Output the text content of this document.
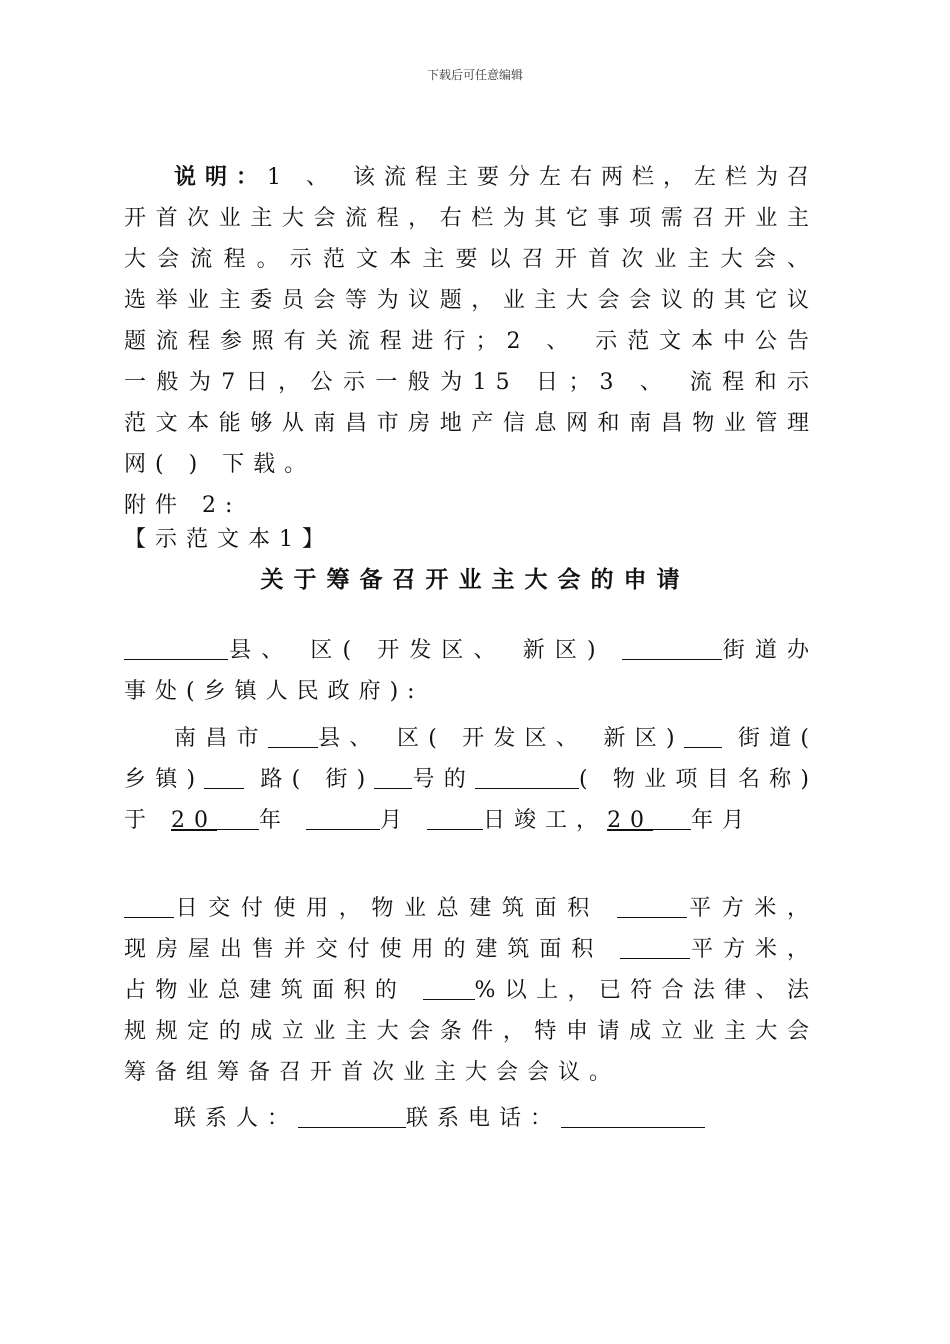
下载后可任意编辑

说明：1 、 该流程主要分左右两栏，左栏为召开首次业主大会流程，右栏为其它事项需召开业主大会流程。示范文本主要以召开首次业主大会、 选举业主委员会等为议题，业主大会会议的其它议题流程参照有关流程进行；2 、 示范文本中公告一般为7日，公示一般为15 日；3 、 流程和示范文本能够从南昌市房地产信息网和南昌物业管理网( ) 下载。

附件 2:
【示范文本1】
关于筹备召开业主大会的申请

县、 区( 开发区、 新区)	街道办事处(乡镇人民政府):

南昌市 县、 区( 开发区、 新区) 街道( 乡镇) 路( 街) 号的	( 物业项目名称) 于 20 年	月	日竣工，20 年月

日交付使用，物业总建筑面积	平方米，现房屋出售并交付使用的建筑面积	平方米，占物业总建筑面积的	%以上，已符合法律、法规规定的成立业主大会条件，特申请成立业主大会筹备组筹备召开首次业主大会会议。

联系人：	联系电话：
